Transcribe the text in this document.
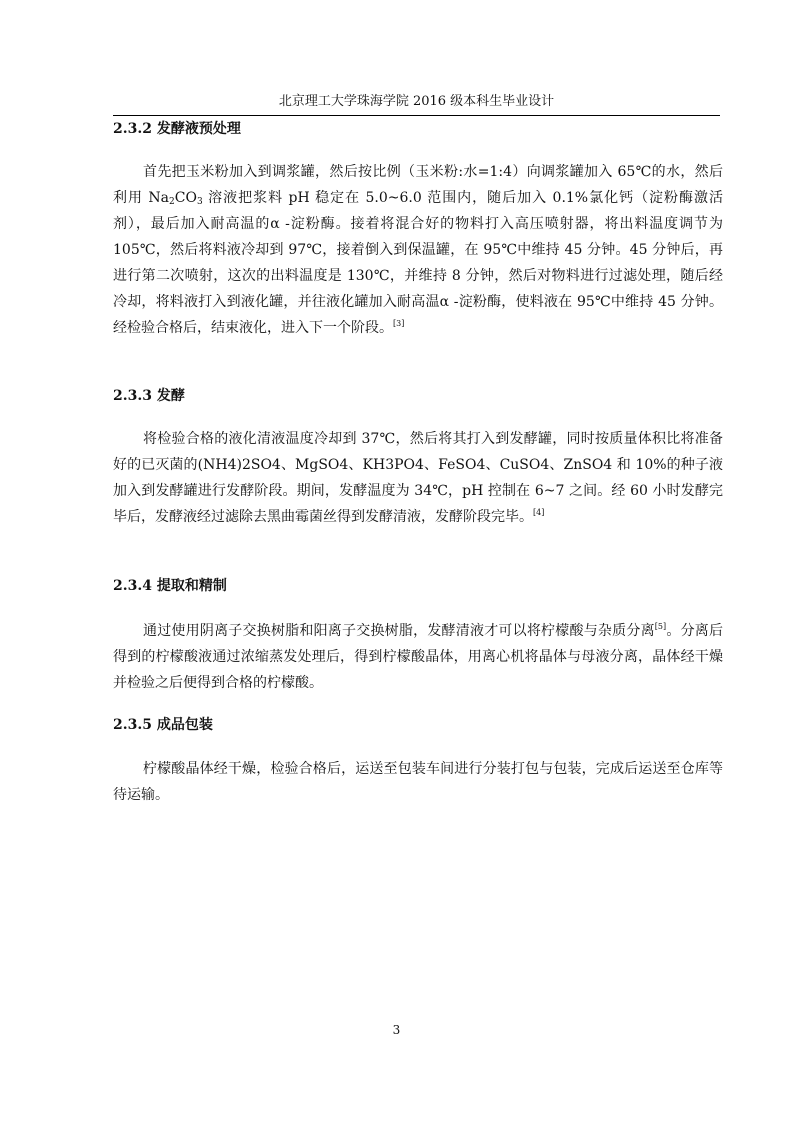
北京理工大学珠海学院 2016 级本科生毕业设计
2.3.2 发酵液预处理

首先把玉米粉加入到调浆罐，然后按比例（玉米粉:水=1:4）向调浆罐加入 65℃的水，然后利用 $Na_2CO_3$ 溶液把浆料 pH 稳定在 5.0~6.0 范围内，随后加入 0.1%氯化钙（淀粉酶激活剂），最后加入耐高温的α -淀粉酶。接着将混合好的物料打入高压喷射器，将出料温度调节为 105℃，然后将料液冷却到 97℃，接着倒入到保温罐，在 95℃中维持 45 分钟。45 分钟后，再进行第二次喷射，这次的出料温度是 130℃，并维持 8 分钟，然后对物料进行过滤处理，随后经冷却，将料液打入到液化罐，并往液化罐加入耐高温α -淀粉酶，使料液在 95℃中维持 45 分钟。经检验合格后，结束液化，进入下一个阶段。[3]

2.3.3 发酵

将检验合格的液化清液温度冷却到 37℃，然后将其打入到发酵罐，同时按质量体积比将准备好的已灭菌的(NH4)2SO4、MgSO4、KH3PO4、FeSO4、CuSO4、ZnSO4 和 10%的种子液加入到发酵罐进行发酵阶段。期间，发酵温度为 34℃，pH 控制在 6~7 之间。经 60 小时发酵完毕后，发酵液经过滤除去黑曲霉菌丝得到发酵清液，发酵阶段完毕。[4]

2.3.4 提取和精制

通过使用阴离子交换树脂和阳离子交换树脂，发酵清液才可以将柠檬酸与杂质分离[5]。分离后得到的柠檬酸液通过浓缩蒸发处理后，得到柠檬酸晶体，用离心机将晶体与母液分离，晶体经干燥并检验之后便得到合格的柠檬酸。

2.3.5 成品包装

柠檬酸晶体经干燥，检验合格后，运送至包装车间进行分装打包与包装，完成后运送至仓库等待运输。

3
